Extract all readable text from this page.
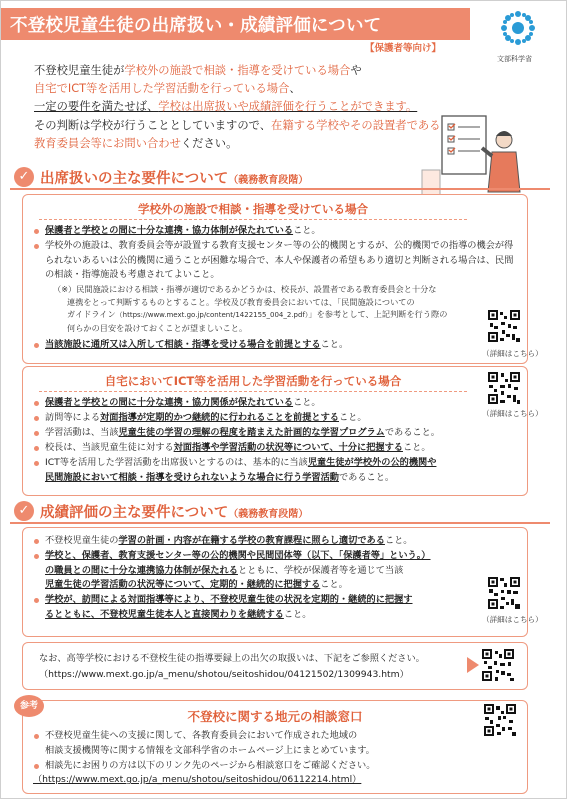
不登校児童生徒の出席扱い・成績評価について
【保護者等向け】
文部科学省
不登校児童生徒が学校外の施設で相談・指導を受けている場合や
自宅でICT等を活用した学習活動を行っている場合、
一定の要件を満たせば、学校は出席扱いや成績評価を行うことができます。
その判断は学校が行うこととしていますので、在籍する学校やその設置者である
教育委員会等にお問い合わせください。
✓ 出席扱いの主な要件について（義務教育段階）
学校外の施設で相談・指導を受けている場合
保護者と学校との間に十分な連携・協力体制が保たれていること。
学校外の施設は、教育委員会等が設置する教育支援センター等の公的機関とするが、公的機関での指導の機会が得られないあるいは公的機関に通うことが困難な場合で、本人や保護者の希望もあり適切と判断される場合は、民間の相談・指導施設も考慮されてよいこと。
（※）民間施設における相談・指導が適切であるかどうかは、校長が、設置者である教育委員会と十分な
連携をとって判断するものとすること。学校及び教育委員会においては、「民間施設についての
ガイドライン（https://www.mext.go.jp/content/1422155_004_2.pdf）」を参考として、上記判断を行う際の
何らかの目安を設けておくことが望ましいこと。
当該施設に通所又は入所して相談・指導を受ける場合を前提とすること。
（詳細はこちら）
自宅においてICT等を活用した学習活動を行っている場合
保護者と学校との間に十分な連携・協力関係が保たれていること。
訪問等による対面指導が定期的かつ継続的に行われることを前提とすること。
学習活動は、当該児童生徒の学習の理解の程度を踏まえた計画的な学習プログラムであること。
校長は、当該児童生徒に対する対面指導や学習活動の状況等について、十分に把握すること。
ICT等を活用した学習活動を出席扱いとするのは、基本的に当該児童生徒が学校外の公的機関や
民間施設において相談・指導を受けられないような場合に行う学習活動であること。
（詳細はこちら）
✓ 成績評価の主な要件について（義務教育段階）
不登校児童生徒の学習の計画・内容が在籍する学校の教育課程に照らし適切であること。
学校と、保護者、教育支援センター等の公的機関や民間団体等（以下、「保護者等」という。）
の職員との間に十分な連携協力体制が保たれるとともに、学校が保護者等を通じて当該
児童生徒の学習活動の状況等について、定期的・継続的に把握すること。
学校が、訪問による対面指導等により、不登校児童生徒の状況を定期的・継続的に把握す
るとともに、不登校児童生徒本人と直接関わりを継続すること。	（詳細はこちら）
なお、高等学校における不登校生徒の指導要録上の出欠の取扱いは、下記をご参照ください。
（https://www.mext.go.jp/a_menu/shotou/seitoshidou/04121502/1309943.htm）
不登校に関する地元の相談窓口
不登校児童生徒への支援に関して、各教育委員会において作成された地域の
相談支援機関等に関する情報を文部科学省のホームページ上にまとめています。
相談先にお困りの方は以下のリンク先のページから相談窓口をご確認ください。
（https://www.mext.go.jp/a_menu/shotou/seitoshidou/06112214.html）
参考
